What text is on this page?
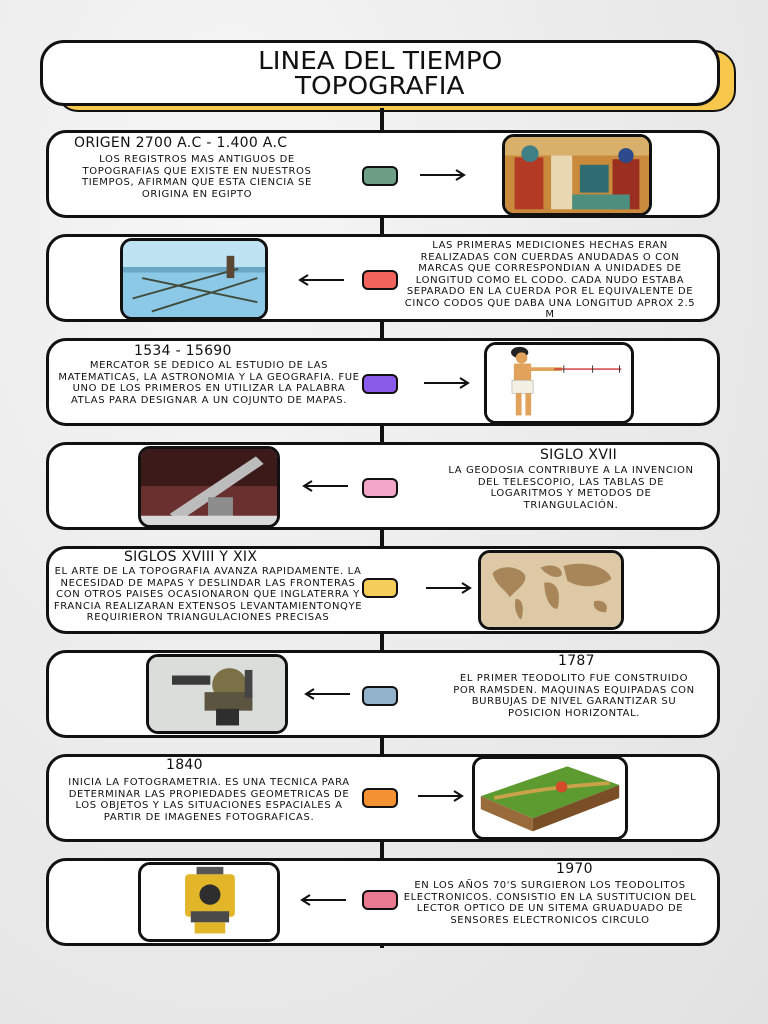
LINEA DEL TIEMPO
TOPOGRAFIA
ORIGEN 2700 A.C - 1.400 A.C
LOS REGISTROS MAS ANTIGUOS DE TOPOGRAFIAS QUE EXISTE EN NUESTROS TIEMPOS, AFIRMAN QUE ESTA CIENCIA SE ORIGINA EN EGIPTO
LAS PRIMERAS MEDICIONES HECHAS ERAN REALIZADAS CON CUERDAS ANUDADAS O CON MARCAS QUE CORRESPONDIAN A UNIDADES DE LONGITUD COMO EL CODO. CADA NUDO ESTABA SEPARADO EN LA CUERDA POR EL EQUIVALENTE DE CINCO CODOS QUE DABA UNA LONGITUD APROX 2.5 M
1534 - 15690
MERCATOR SE DEDICO AL ESTUDIO DE LAS MATEMATICAS, LA ASTRONOMIA Y LA GEOGRAFIA. FUE UNO DE LOS PRIMEROS EN UTILIZAR LA PALABRA ATLAS PARA DESIGNAR A UN COJUNTO DE MAPAS.
SIGLO XVII
LA GEODOSIA CONTRIBUYE A LA INVENCION DEL TELESCOPIO, LAS TABLAS DE LOGARITMOS Y METODOS DE TRIANGULACIÓN.
SIGLOS XVIII Y XIX
EL ARTE DE LA TOPOGRAFIA AVANZA RAPIDAMENTE. LA NECESIDAD DE MAPAS Y DESLINDAR LAS FRONTERAS CON OTROS PAISES OCASIONARON QUE INGLATERRA Y FRANCIA REALIZARAN EXTENSOS LEVANTAMIENTONQYE REQUIRIERON TRIANGULACIONES PRECISAS
1787
EL PRIMER TEODOLITO FUE CONSTRUIDO POR RAMSDEN. MAQUINAS EQUIPADAS CON BURBUJAS DE NIVEL GARANTIZAR SU POSICION HORIZONTAL.
1840
INICIA LA FOTOGRAMETRIA. ES UNA TECNICA PARA DETERMINAR LAS PROPIEDADES GEOMETRICAS DE LOS OBJETOS Y LAS SITUACIONES ESPACIALES A PARTIR DE IMAGENES FOTOGRAFICAS.
1970
EN LOS AÑOS 70'S SURGIERON LOS TEODOLITOS ELECTRONICOS. CONSISTIO EN LA SUSTITUCION DEL LECTOR OPTICO DE UN SITEMA GRUADUADO DE SENSORES ELECTRONICOS CIRCULO
